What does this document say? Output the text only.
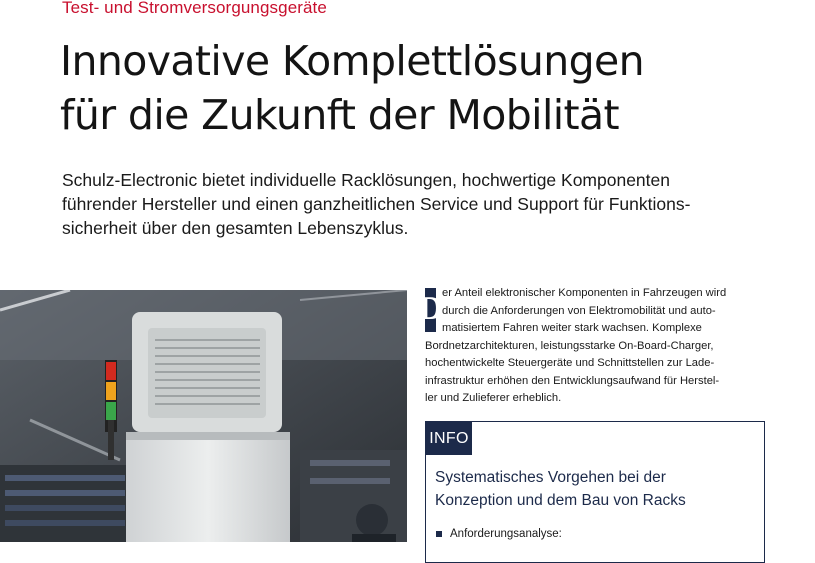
Test- und Stromversorgungsgeräte
Innovative Komplettlösungen
für die Zukunft der Mobilität

Schulz-Electronic bietet individuelle Racklösungen, hochwertige Komponenten
führender Hersteller und einen ganzheitlichen Service und Support für Funktions-
sicherheit über den gesamten Lebenszyklus.

D
er Anteil elektronischer Komponenten in Fahrzeugen wird
durch die Anforderungen von Elektromobilität und auto-
matisiertem Fahren weiter stark wachsen. Komplexe
Bordnetzarchitekturen, leistungsstarke On-Board-Charger,
hochentwickelte Steuergeräte und Schnittstellen zur Lade-
infrastruktur erhöhen den Entwicklungsaufwand für Herstel-
ler und Zulieferer erheblich.
INFO
Systematisches Vorgehen bei der
Konzeption und dem Bau von Racks
Anforderungsanalyse:
